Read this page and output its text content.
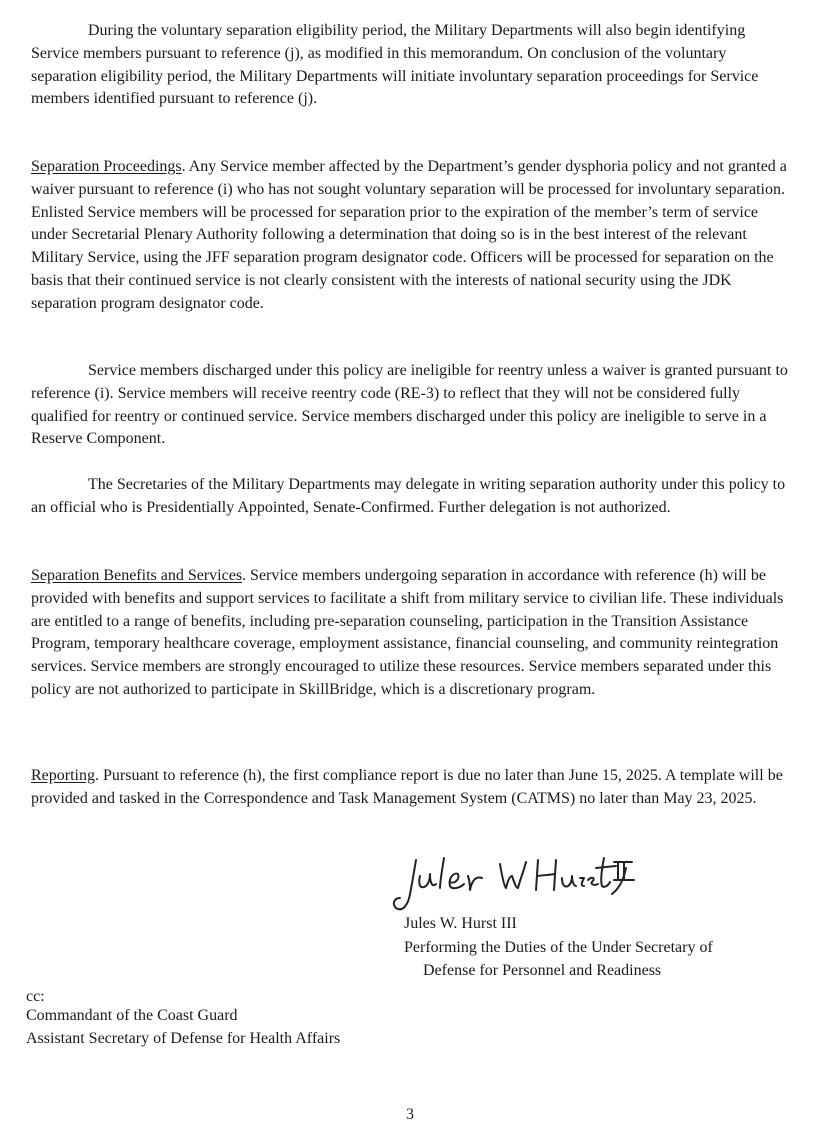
During the voluntary separation eligibility period, the Military Departments will also begin identifying Service members pursuant to reference (j), as modified in this memorandum. On conclusion of the voluntary separation eligibility period, the Military Departments will initiate involuntary separation proceedings for Service members identified pursuant to reference (j).

Separation Proceedings. Any Service member affected by the Department’s gender dysphoria policy and not granted a waiver pursuant to reference (i) who has not sought voluntary separation will be processed for involuntary separation. Enlisted Service members will be processed for separation prior to the expiration of the member’s term of service under Secretarial Plenary Authority following a determination that doing so is in the best interest of the relevant Military Service, using the JFF separation program designator code. Officers will be processed for separation on the basis that their continued service is not clearly consistent with the interests of national security using the JDK separation program designator code.

Service members discharged under this policy are ineligible for reentry unless a waiver is granted pursuant to reference (i). Service members will receive reentry code (RE-3) to reflect that they will not be considered fully qualified for reentry or continued service. Service members discharged under this policy are ineligible to serve in a Reserve Component.

The Secretaries of the Military Departments may delegate in writing separation authority under this policy to an official who is Presidentially Appointed, Senate-Confirmed. Further delegation is not authorized.

Separation Benefits and Services. Service members undergoing separation in accordance with reference (h) will be provided with benefits and support services to facilitate a shift from military service to civilian life. These individuals are entitled to a range of benefits, including pre-separation counseling, participation in the Transition Assistance Program, temporary healthcare coverage, employment assistance, financial counseling, and community reintegration services. Service members are strongly encouraged to utilize these resources. Service members separated under this policy are not authorized to participate in SkillBridge, which is a discretionary program.

Reporting. Pursuant to reference (h), the first compliance report is due no later than June 15, 2025. A template will be provided and tasked in the Correspondence and Task Management System (CATMS) no later than May 23, 2025.

Jules W. Hurst III
Performing the Duties of the Under Secretary of
Defense for Personnel and Readiness
cc:
Commandant of the Coast Guard
Assistant Secretary of Defense for Health Affairs
3
